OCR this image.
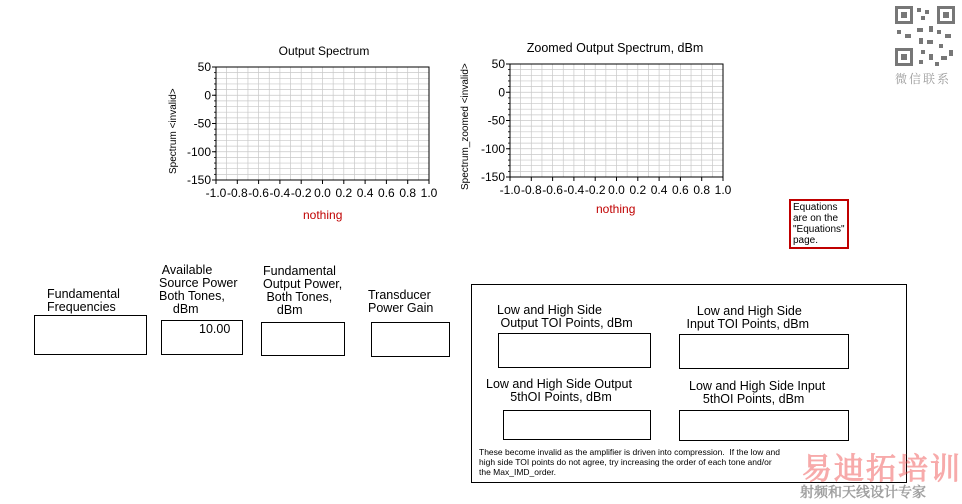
Output Spectrum
Spectrum <invalid>
50
0
-50
-100
-150
-1.0 -0.8 -0.6 -0.4 -0.2 0.0 0.2 0.4 0.6 0.8 1.0
nothing
Zoomed Output Spectrum, dBm
Spectrum_zoomed <invalid> 50
0
-50
-100
-150
-1.0 -0.8 -0.6 -0.4 -0.2 0.0 0.2 0.4 0.6 0.8 1.0
nothing	Equations
are on the
"Equations"
page.
Fundamental
Frequencies
Available
Source Power
Both Tones,
dBm
10.00
Fundamental
Output Power,
Both Tones,
dBm
Transducer
Power Gain	Low and High Side
Output TOI Points, dBm
Low and High Side
Input TOI Points, dBm
Low and High Side Output
5thOI Points, dBm
Low and High Side Input
5thOI Points, dBm
These become invalid as the amplifier is driven into compression.  If the low and
high side TOI points do not agree, try increasing the order of each tone and/or
the Max_IMD_order.
微信联系
易迪拓培训
射频和天线设计专家
